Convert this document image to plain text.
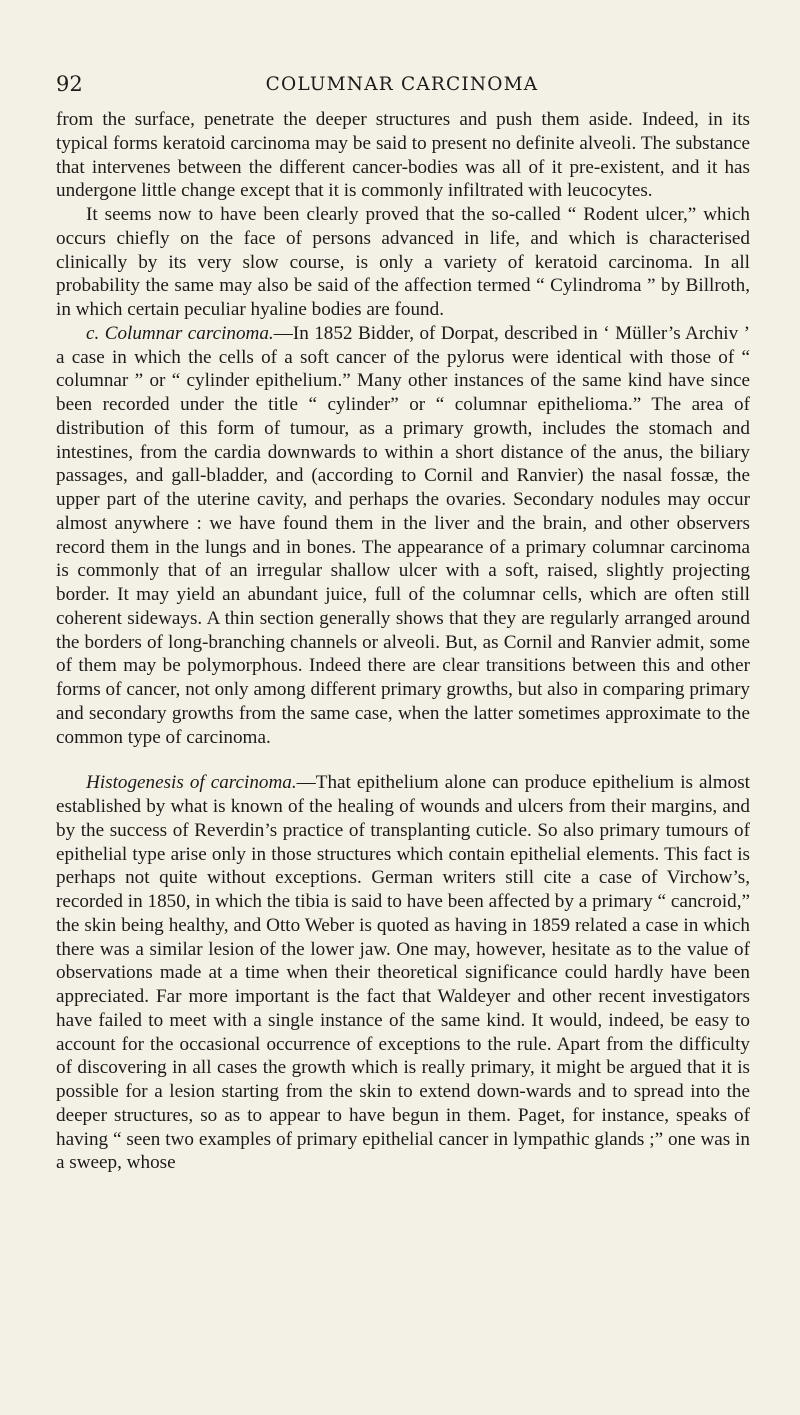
92	COLUMNAR CARCINOMA

from the surface, penetrate the deeper structures and push them aside. Indeed, in its typical forms keratoid carcinoma may be said to present no definite alveoli. The substance that intervenes between the different cancer-bodies was all of it pre-existent, and it has undergone little change except that it is commonly infiltrated with leucocytes.

It seems now to have been clearly proved that the so-called “ Rodent ulcer,” which occurs chiefly on the face of persons advanced in life, and which is characterised clinically by its very slow course, is only a variety of keratoid carcinoma. In all probability the same may also be said of the affection termed “ Cylindroma ” by Billroth, in which certain peculiar hyaline bodies are found.

c. Columnar carcinoma.—In 1852 Bidder, of Dorpat, described in ‘ Müller’s Archiv ’ a case in which the cells of a soft cancer of the pylorus were identical with those of “ columnar ” or “ cylinder epithelium.” Many other instances of the same kind have since been recorded under the title “ cylinder” or “ columnar epithelioma.” The area of distribution of this form of tumour, as a primary growth, includes the stomach and intestines, from the cardia downwards to within a short distance of the anus, the biliary passages, and gall-bladder, and (according to Cornil and Ranvier) the nasal fossæ, the upper part of the uterine cavity, and perhaps the ovaries. Secondary nodules may occur almost anywhere : we have found them in the liver and the brain, and other observers record them in the lungs and in bones. The appearance of a primary columnar carcinoma is commonly that of an irregular shallow ulcer with a soft, raised, slightly projecting border. It may yield an abundant juice, full of the columnar cells, which are often still coherent sideways. A thin section generally shows that they are regularly arranged around the borders of long-branching channels or alveoli. But, as Cornil and Ranvier admit, some of them may be polymorphous. Indeed there are clear transitions between this and other forms of cancer, not only among different primary growths, but also in comparing primary and secondary growths from the same case, when the latter sometimes approximate to the common type of carcinoma.

Histogenesis of carcinoma.—That epithelium alone can produce epithelium is almost established by what is known of the healing of wounds and ulcers from their margins, and by the success of Reverdin’s practice of transplanting cuticle. So also primary tumours of epithelial type arise only in those structures which contain epithelial elements. This fact is perhaps not quite without exceptions. German writers still cite a case of Virchow’s, recorded in 1850, in which the tibia is said to have been affected by a primary “ cancroid,” the skin being healthy, and Otto Weber is quoted as having in 1859 related a case in which there was a similar lesion of the lower jaw. One may, however, hesitate as to the value of observations made at a time when their theoretical significance could hardly have been appreciated. Far more important is the fact that Waldeyer and other recent investigators have failed to meet with a single instance of the same kind. It would, indeed, be easy to account for the occasional occurrence of exceptions to the rule. Apart from the difficulty of discovering in all cases the growth which is really primary, it might be argued that it is possible for a lesion starting from the skin to extend down-wards and to spread into the deeper structures, so as to appear to have begun in them. Paget, for instance, speaks of having “ seen two examples of primary epithelial cancer in lympathic glands ;” one was in a sweep, whose
